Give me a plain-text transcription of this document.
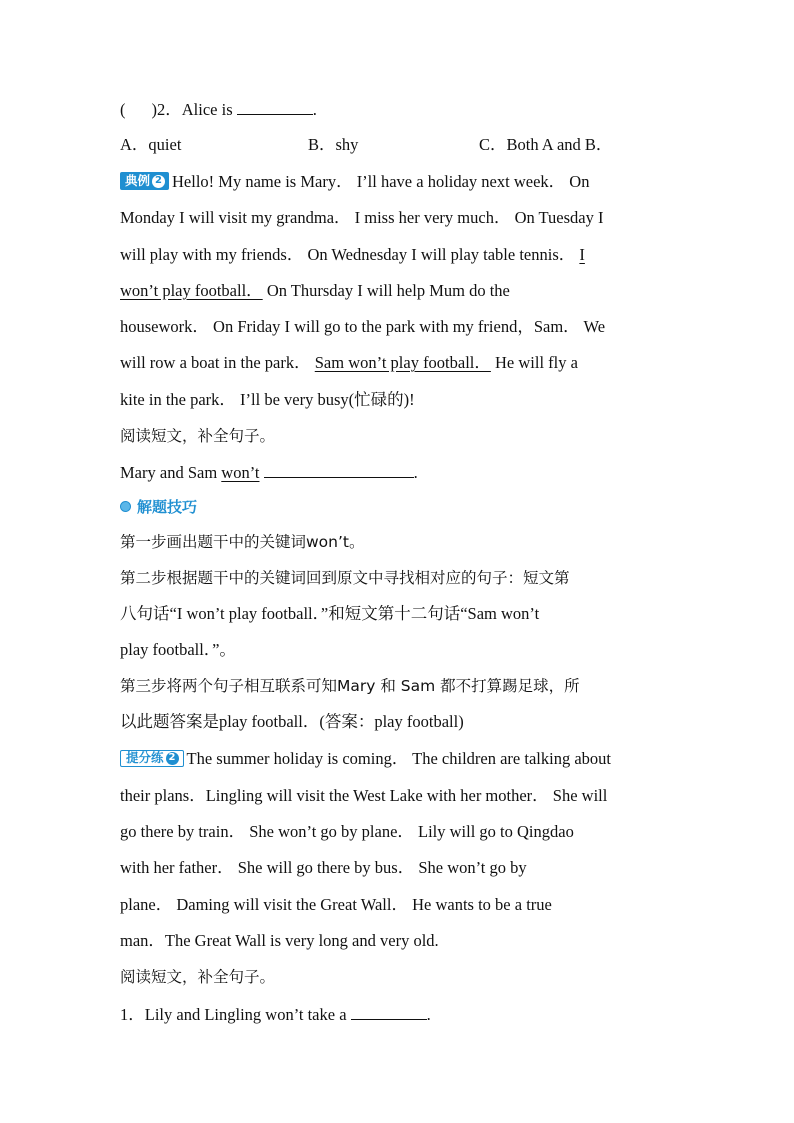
( )2．Alice is	.
A．quiet	B．shy	C．Both A and B．
典例 2 Hello! My name is Mary． I’ll have a holiday next week． On
Monday I will visit my grandma． I miss her very much． On Tuesday I
will play with my friends． On Wednesday I will play table tennis． I
won’t play football． On Thursday I will help Mum do the
housework． On Friday I will go to the park with my friend，Sam． We
will row a boat in the park． Sam won’t play football． He will fly a
kite in the park． I’ll be very busy(忙碌的)!
阅读短文，补全句子。
Mary and Sam won’t	.
解题技巧
第一步画出题干中的关键词won’t。
第二步根据题干中的关键词回到原文中寻找相对应的句子：短文第
八句话“I won’t play football．”和短文第十二句话“Sam won’t
play football．”。
第三步将两个句子相互联系可知Mary 和 Sam 都不打算踢足球，所
以此题答案是play football．(答案：play football)
提分练 2 The summer holiday is coming． The children are talking about
their plans．Lingling will visit the West Lake with her mother． She will
go there by train． She won’t go by plane． Lily will go to Qingdao
with her father． She will go there by bus． She won’t go by
plane． Daming will visit the Great Wall． He wants to be a true
man．The Great Wall is very long and very old.
阅读短文，补全句子。
1．Lily and Lingling won’t take a	.
